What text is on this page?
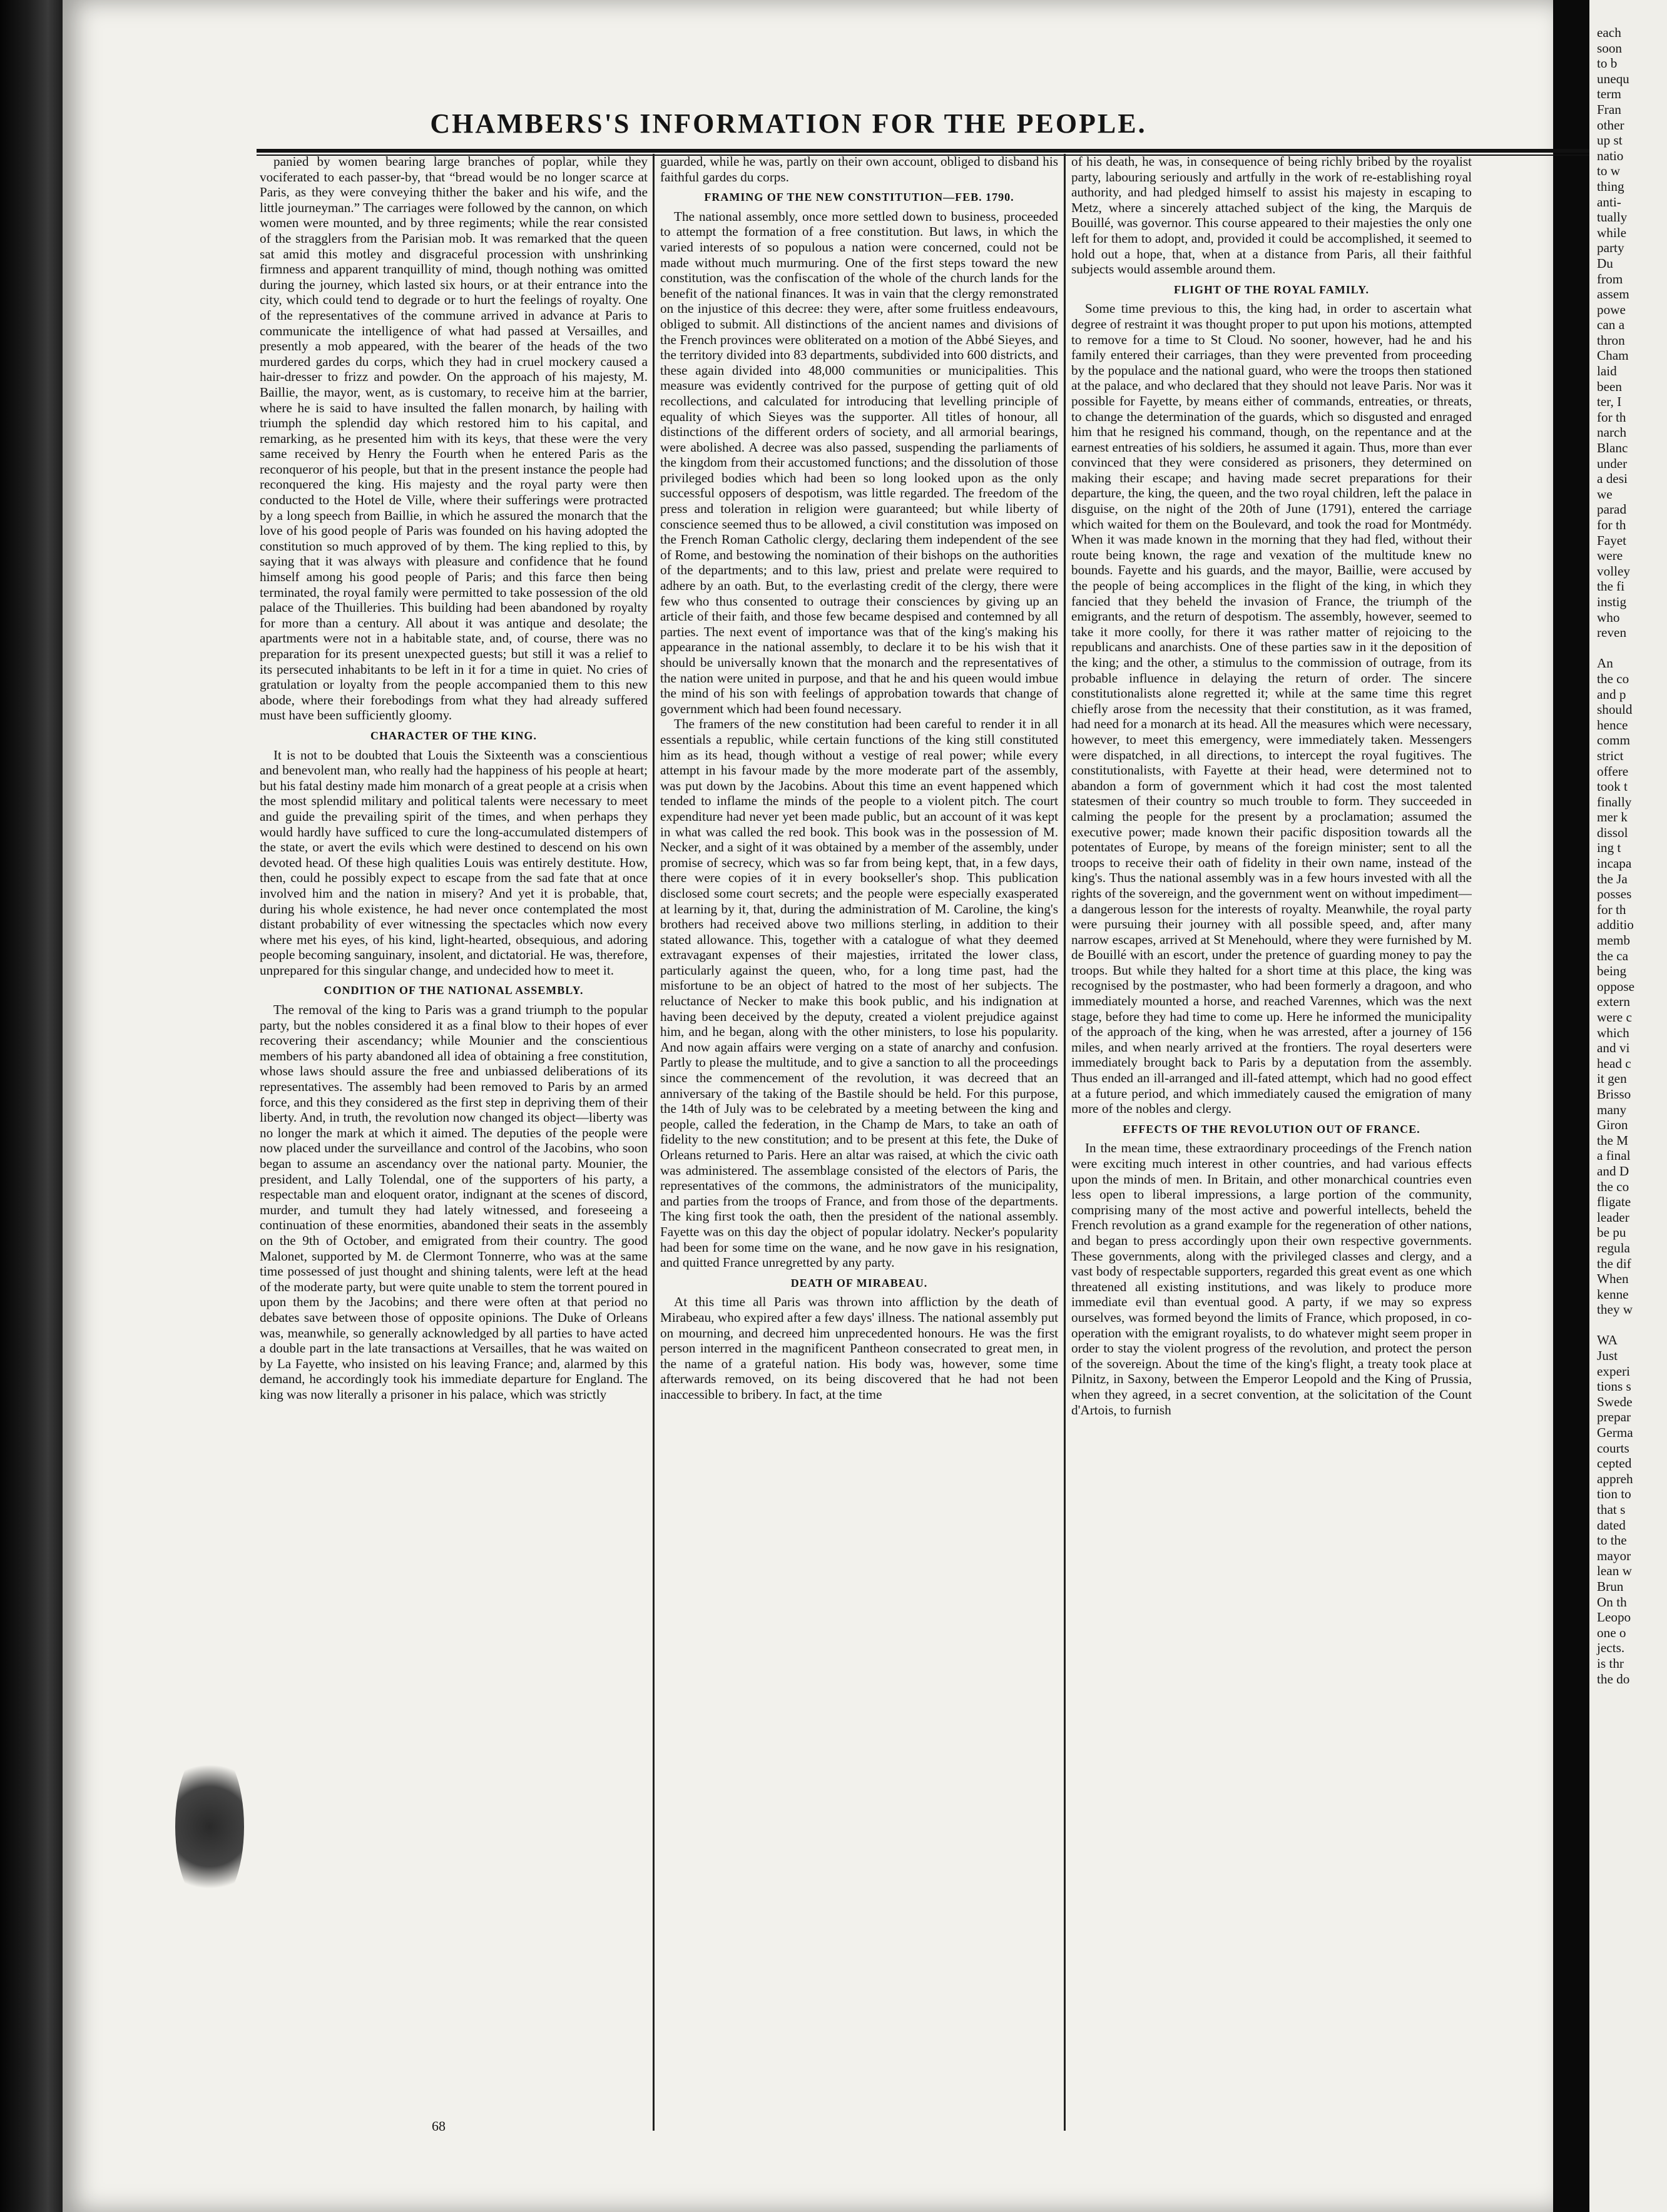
each
soon
to b
unequ
term
Fran
other
up st
natio
to w
thing
anti-
tually
while
party
Du
from
assem
powe
can a
thron
Cham
laid
been
ter, I
for th
narch
Blanc
under
a desi
we
parad
for th
Fayet
were
volley
the fi
instig
who
reven
An
the co
and p
should
hence
comm
strict
offere
took t
finally
mer k
dissol
ing t
incapa
the Ja
posses
for th
additio
memb
the ca
being
oppose
extern
were c
which
and vi
head c
it gen
Brisso
many
Giron
the M
a final
and D
the co
fligate
leader
be pu
regula
the dif
When
kenne
they w
WA
Just
experi
tions s
Swede
prepar
Germa
courts
cepted
appreh
tion to
that s
dated
to the
mayor
lean w
Brun
On th
Leopo
one o
jects.
is thr
the do
CHAMBERS'S INFORMATION FOR THE PEOPLE.

panied by women bearing large branches of poplar, while they vociferated to each passer-by, that “bread would be no longer scarce at Paris, as they were conveying thither the baker and his wife, and the little journeyman.” The carriages were followed by the cannon, on which women were mounted, and by three regiments; while the rear consisted of the stragglers from the Parisian mob. It was remarked that the queen sat amid this motley and disgraceful procession with unshrinking firmness and apparent tranquillity of mind, though nothing was omitted during the journey, which lasted six hours, or at their entrance into the city, which could tend to degrade or to hurt the feelings of royalty. One of the representatives of the commune arrived in advance at Paris to communicate the intelligence of what had passed at Versailles, and presently a mob appeared, with the bearer of the heads of the two murdered gardes du corps, which they had in cruel mockery caused a hair-dresser to frizz and powder. On the approach of his majesty, M. Baillie, the mayor, went, as is customary, to receive him at the barrier, where he is said to have insulted the fallen monarch, by hailing with triumph the splendid day which restored him to his capital, and remarking, as he presented him with its keys, that these were the very same received by Henry the Fourth when he entered Paris as the reconqueror of his people, but that in the present instance the people had reconquered the king. His majesty and the royal party were then conducted to the Hotel de Ville, where their sufferings were protracted by a long speech from Baillie, in which he assured the monarch that the love of his good people of Paris was founded on his having adopted the constitution so much approved of by them. The king replied to this, by saying that it was always with pleasure and confidence that he found himself among his good people of Paris; and this farce then being terminated, the royal family were permitted to take possession of the old palace of the Thuilleries. This building had been abandoned by royalty for more than a century. All about it was antique and desolate; the apartments were not in a habitable state, and, of course, there was no preparation for its present unexpected guests; but still it was a relief to its persecuted inhabitants to be left in it for a time in quiet. No cries of gratulation or loyalty from the people accompanied them to this new abode, where their forebodings from what they had already suffered must have been sufficiently gloomy.

CHARACTER OF THE KING.

It is not to be doubted that Louis the Sixteenth was a conscientious and benevolent man, who really had the happiness of his people at heart; but his fatal destiny made him monarch of a great people at a crisis when the most splendid military and political talents were necessary to meet and guide the prevailing spirit of the times, and when perhaps they would hardly have sufficed to cure the long-accumulated distempers of the state, or avert the evils which were destined to descend on his own devoted head. Of these high qualities Louis was entirely destitute. How, then, could he possibly expect to escape from the sad fate that at once involved him and the nation in misery? And yet it is probable, that, during his whole existence, he had never once contemplated the most distant probability of ever witnessing the spectacles which now every where met his eyes, of his kind, light-hearted, obsequious, and adoring people becoming sanguinary, insolent, and dictatorial. He was, therefore, unprepared for this singular change, and undecided how to meet it.

CONDITION OF THE NATIONAL ASSEMBLY.

The removal of the king to Paris was a grand triumph to the popular party, but the nobles considered it as a final blow to their hopes of ever recovering their ascendancy; while Mounier and the conscientious members of his party abandoned all idea of obtaining a free constitution, whose laws should assure the free and unbiassed deliberations of its representatives. The assembly had been removed to Paris by an armed force, and this they considered as the first step in depriving them of their liberty. And, in truth, the revolution now changed its object—liberty was no longer the mark at which it aimed. The deputies of the people were now placed under the surveillance and control of the Jacobins, who soon began to assume an ascendancy over the national party. Mounier, the president, and Lally Tolendal, one of the supporters of his party, a respectable man and eloquent orator, indignant at the scenes of discord, murder, and tumult they had lately witnessed, and foreseeing a continuation of these enormities, abandoned their seats in the assembly on the 9th of October, and emigrated from their country. The good Malonet, supported by M. de Clermont Tonnerre, who was at the same time possessed of just thought and shining talents, were left at the head of the moderate party, but were quite unable to stem the torrent poured in upon them by the Jacobins; and there were often at that period no debates save between those of opposite opinions. The Duke of Orleans was, meanwhile, so generally acknowledged by all parties to have acted a double part in the late transactions at Versailles, that he was waited on by La Fayette, who insisted on his leaving France; and, alarmed by this demand, he accordingly took his immediate departure for England. The king was now literally a prisoner in his palace, which was strictly

guarded, while he was, partly on their own account, obliged to disband his faithful gardes du corps.

FRAMING OF THE NEW CONSTITUTION—FEB. 1790.

The national assembly, once more settled down to business, proceeded to attempt the formation of a free constitution. But laws, in which the varied interests of so populous a nation were concerned, could not be made without much murmuring. One of the first steps toward the new constitution, was the confiscation of the whole of the church lands for the benefit of the national finances. It was in vain that the clergy remonstrated on the injustice of this decree: they were, after some fruitless endeavours, obliged to submit. All distinctions of the ancient names and divisions of the French provinces were obliterated on a motion of the Abbé Sieyes, and the territory divided into 83 departments, subdivided into 600 districts, and these again divided into 48,000 communities or municipalities. This measure was evidently contrived for the purpose of getting quit of old recollections, and calculated for introducing that levelling principle of equality of which Sieyes was the supporter. All titles of honour, all distinctions of the different orders of society, and all armorial bearings, were abolished. A decree was also passed, suspending the parliaments of the kingdom from their accustomed functions; and the dissolution of those privileged bodies which had been so long looked upon as the only successful opposers of despotism, was little regarded. The freedom of the press and toleration in religion were guaranteed; but while liberty of conscience seemed thus to be allowed, a civil constitution was imposed on the French Roman Catholic clergy, declaring them independent of the see of Rome, and bestowing the nomination of their bishops on the authorities of the departments; and to this law, priest and prelate were required to adhere by an oath. But, to the everlasting credit of the clergy, there were few who thus consented to outrage their consciences by giving up an article of their faith, and those few became despised and contemned by all parties. The next event of importance was that of the king's making his appearance in the national assembly, to declare it to be his wish that it should be universally known that the monarch and the representatives of the nation were united in purpose, and that he and his queen would imbue the mind of his son with feelings of approbation towards that change of government which had been found necessary.

The framers of the new constitution had been careful to render it in all essentials a republic, while certain functions of the king still constituted him as its head, though without a vestige of real power; while every attempt in his favour made by the more moderate part of the assembly, was put down by the Jacobins. About this time an event happened which tended to inflame the minds of the people to a violent pitch. The court expenditure had never yet been made public, but an account of it was kept in what was called the red book. This book was in the possession of M. Necker, and a sight of it was obtained by a member of the assembly, under promise of secrecy, which was so far from being kept, that, in a few days, there were copies of it in every bookseller's shop. This publication disclosed some court secrets; and the people were especially exasperated at learning by it, that, during the administration of M. Caroline, the king's brothers had received above two millions sterling, in addition to their stated allowance. This, together with a catalogue of what they deemed extravagant expenses of their majesties, irritated the lower class, particularly against the queen, who, for a long time past, had the misfortune to be an object of hatred to the most of her subjects. The reluctance of Necker to make this book public, and his indignation at having been deceived by the deputy, created a violent prejudice against him, and he began, along with the other ministers, to lose his popularity. And now again affairs were verging on a state of anarchy and confusion. Partly to please the multitude, and to give a sanction to all the proceedings since the commencement of the revolution, it was decreed that an anniversary of the taking of the Bastile should be held. For this purpose, the 14th of July was to be celebrated by a meeting between the king and people, called the federation, in the Champ de Mars, to take an oath of fidelity to the new constitution; and to be present at this fete, the Duke of Orleans returned to Paris. Here an altar was raised, at which the civic oath was administered. The assemblage consisted of the electors of Paris, the representatives of the commons, the administrators of the municipality, and parties from the troops of France, and from those of the departments. The king first took the oath, then the president of the national assembly. Fayette was on this day the object of popular idolatry. Necker's popularity had been for some time on the wane, and he now gave in his resignation, and quitted France unregretted by any party.

DEATH OF MIRABEAU.

At this time all Paris was thrown into affliction by the death of Mirabeau, who expired after a few days' illness. The national assembly put on mourning, and decreed him unprecedented honours. He was the first person interred in the magnificent Pantheon consecrated to great men, in the name of a grateful nation. His body was, however, some time afterwards removed, on its being discovered that he had not been inaccessible to bribery. In fact, at the time

of his death, he was, in consequence of being richly bribed by the royalist party, labouring seriously and artfully in the work of re-establishing royal authority, and had pledged himself to assist his majesty in escaping to Metz, where a sincerely attached subject of the king, the Marquis de Bouillé, was governor. This course appeared to their majesties the only one left for them to adopt, and, provided it could be accomplished, it seemed to hold out a hope, that, when at a distance from Paris, all their faithful subjects would assemble around them.

FLIGHT OF THE ROYAL FAMILY.

Some time previous to this, the king had, in order to ascertain what degree of restraint it was thought proper to put upon his motions, attempted to remove for a time to St Cloud. No sooner, however, had he and his family entered their carriages, than they were prevented from proceeding by the populace and the national guard, who were the troops then stationed at the palace, and who declared that they should not leave Paris. Nor was it possible for Fayette, by means either of commands, entreaties, or threats, to change the determination of the guards, which so disgusted and enraged him that he resigned his command, though, on the repentance and at the earnest entreaties of his soldiers, he assumed it again. Thus, more than ever convinced that they were considered as prisoners, they determined on making their escape; and having made secret preparations for their departure, the king, the queen, and the two royal children, left the palace in disguise, on the night of the 20th of June (1791), entered the carriage which waited for them on the Boulevard, and took the road for Montmédy. When it was made known in the morning that they had fled, without their route being known, the rage and vexation of the multitude knew no bounds. Fayette and his guards, and the mayor, Baillie, were accused by the people of being accomplices in the flight of the king, in which they fancied that they beheld the invasion of France, the triumph of the emigrants, and the return of despotism. The assembly, however, seemed to take it more coolly, for there it was rather matter of rejoicing to the republicans and anarchists. One of these parties saw in it the deposition of the king; and the other, a stimulus to the commission of outrage, from its probable influence in delaying the return of order. The sincere constitutionalists alone regretted it; while at the same time this regret chiefly arose from the necessity that their constitution, as it was framed, had need for a monarch at its head. All the measures which were necessary, however, to meet this emergency, were immediately taken. Messengers were dispatched, in all directions, to intercept the royal fugitives. The constitutionalists, with Fayette at their head, were determined not to abandon a form of government which it had cost the most talented statesmen of their country so much trouble to form. They succeeded in calming the people for the present by a proclamation; assumed the executive power; made known their pacific disposition towards all the potentates of Europe, by means of the foreign minister; sent to all the troops to receive their oath of fidelity in their own name, instead of the king's. Thus the national assembly was in a few hours invested with all the rights of the sovereign, and the government went on without impediment—a dangerous lesson for the interests of royalty. Meanwhile, the royal party were pursuing their journey with all possible speed, and, after many narrow escapes, arrived at St Menehould, where they were furnished by M. de Bouillé with an escort, under the pretence of guarding money to pay the troops. But while they halted for a short time at this place, the king was recognised by the postmaster, who had been formerly a dragoon, and who immediately mounted a horse, and reached Varennes, which was the next stage, before they had time to come up. Here he informed the municipality of the approach of the king, when he was arrested, after a journey of 156 miles, and when nearly arrived at the frontiers. The royal deserters were immediately brought back to Paris by a deputation from the assembly. Thus ended an ill-arranged and ill-fated attempt, which had no good effect at a future period, and which immediately caused the emigration of many more of the nobles and clergy.

EFFECTS OF THE REVOLUTION OUT OF FRANCE.

In the mean time, these extraordinary proceedings of the French nation were exciting much interest in other countries, and had various effects upon the minds of men. In Britain, and other monarchical countries even less open to liberal impressions, a large portion of the community, comprising many of the most active and powerful intellects, beheld the French revolution as a grand example for the regeneration of other nations, and began to press accordingly upon their own respective governments. These governments, along with the privileged classes and clergy, and a vast body of respectable supporters, regarded this great event as one which threatened all existing institutions, and was likely to produce more immediate evil than eventual good. A party, if we may so express ourselves, was formed beyond the limits of France, which proposed, in co-operation with the emigrant royalists, to do whatever might seem proper in order to stay the violent progress of the revolution, and protect the person of the sovereign. About the time of the king's flight, a treaty took place at Pilnitz, in Saxony, between the Emperor Leopold and the King of Prussia, when they agreed, in a secret convention, at the solicitation of the Count d'Artois, to furnish

68
